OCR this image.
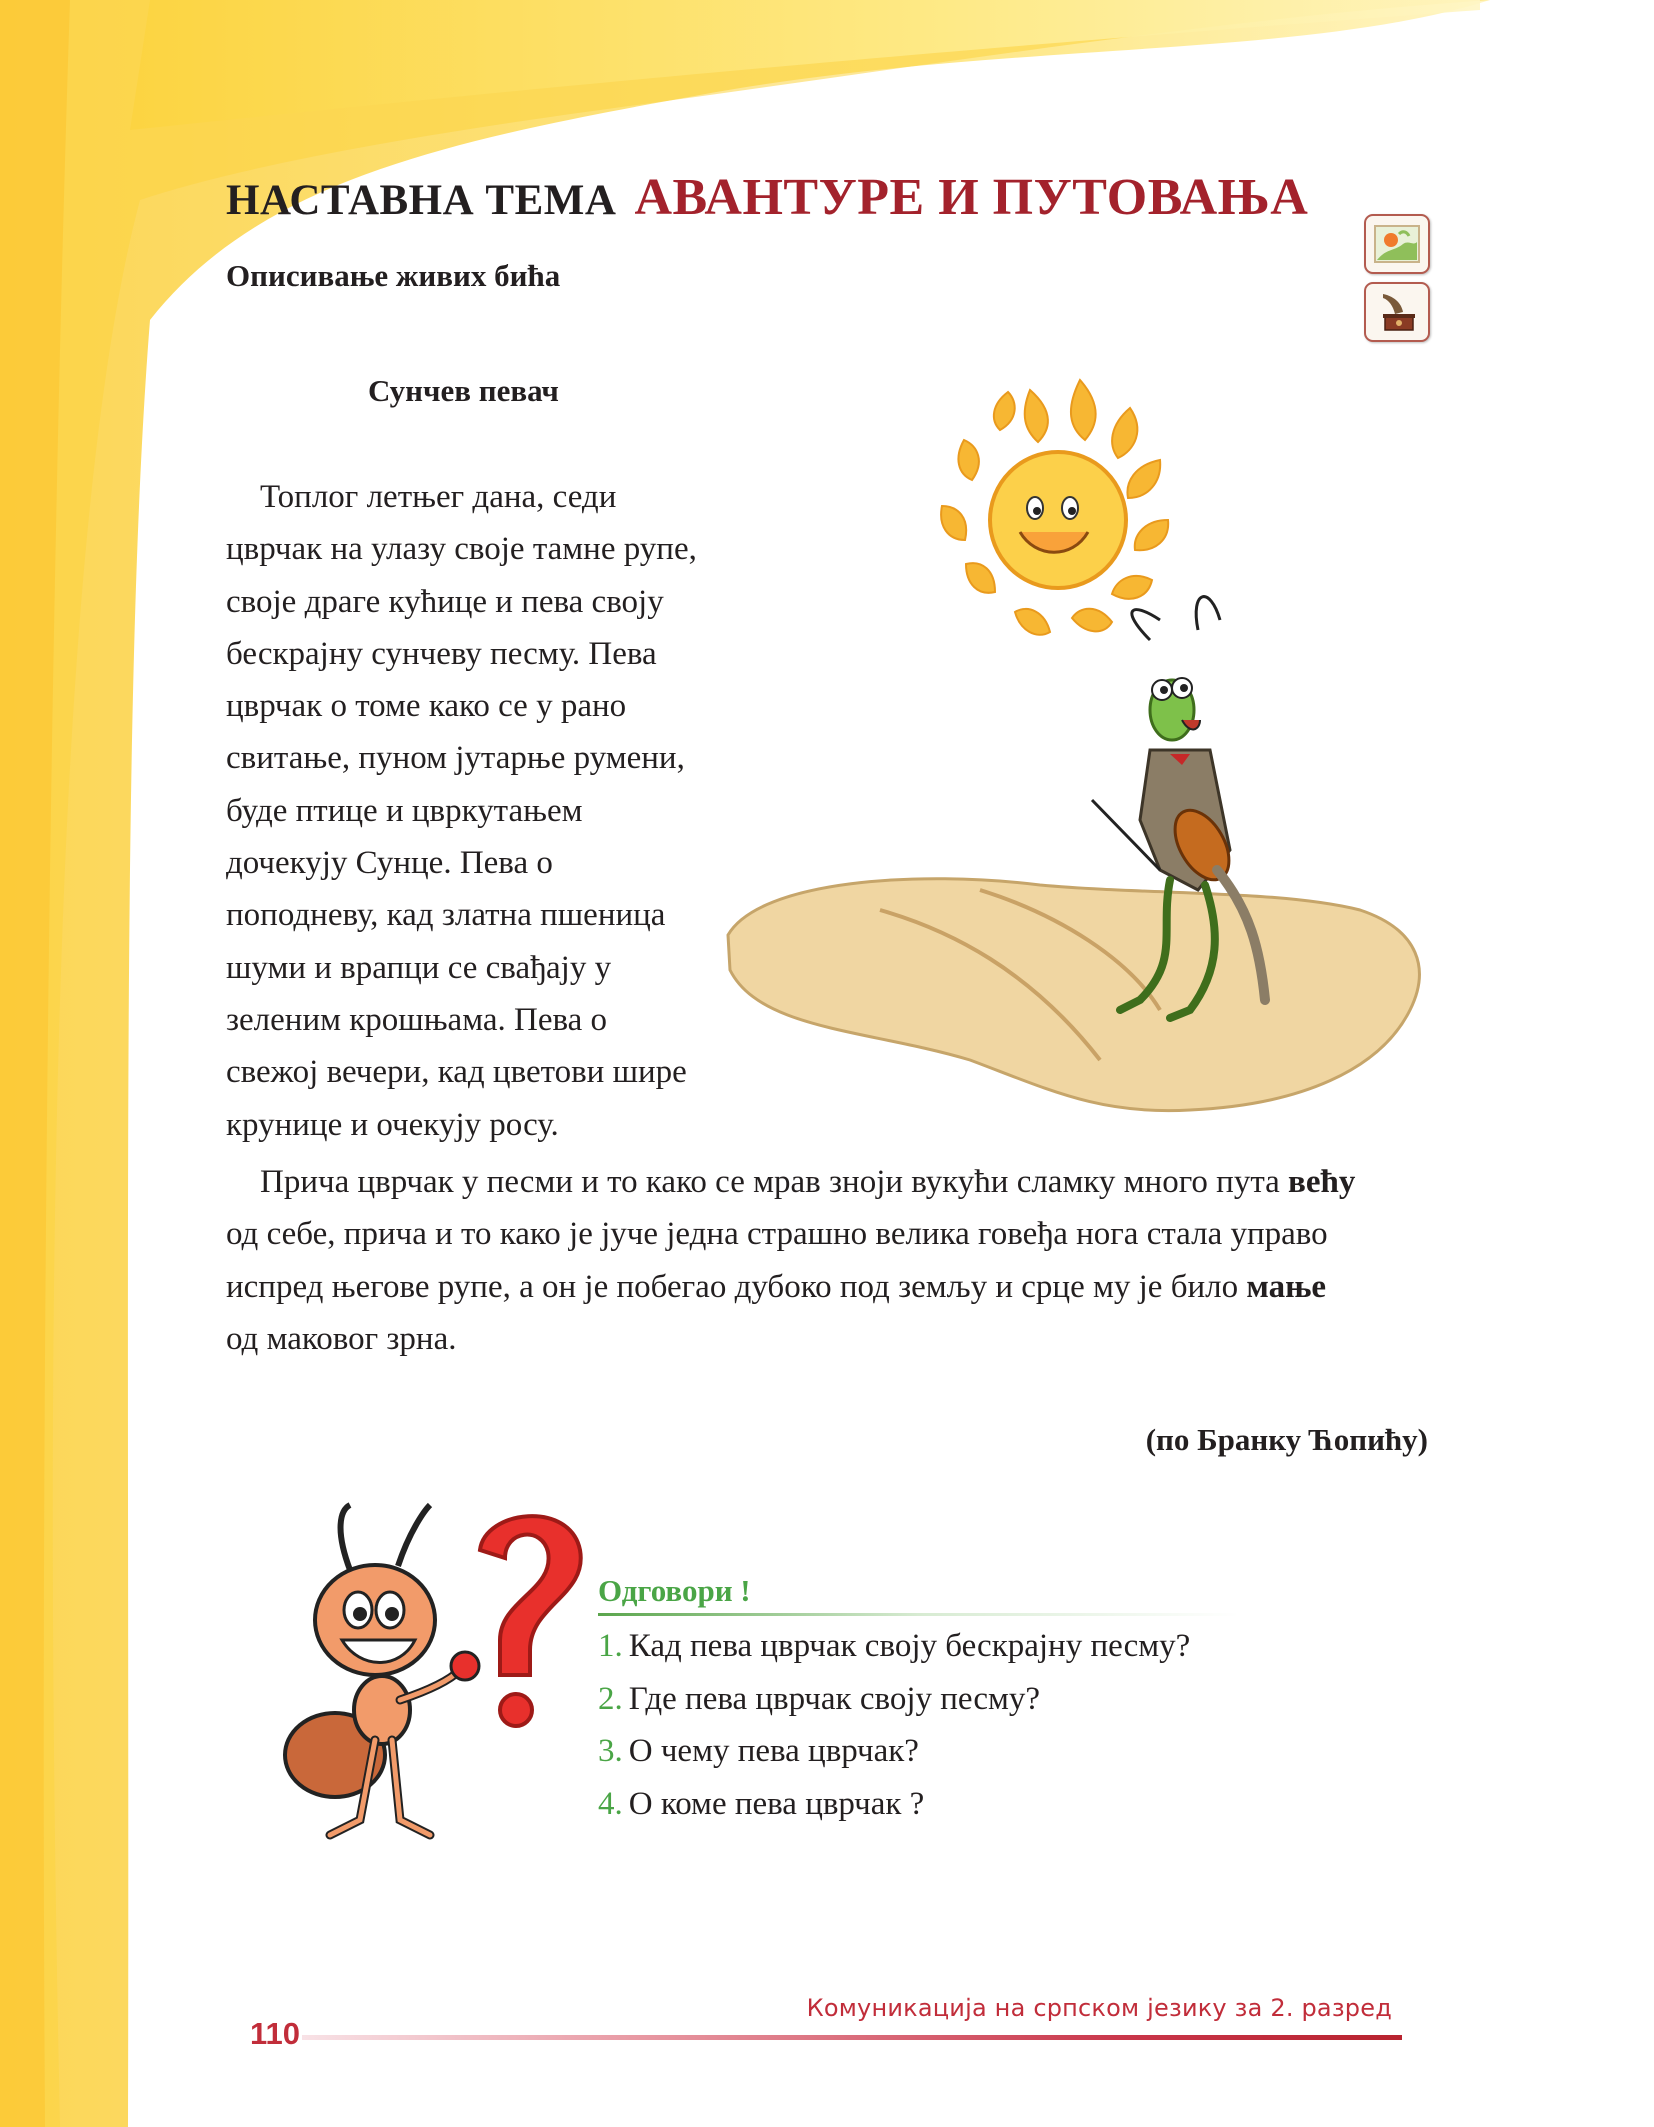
НАСТАВНА ТЕМА АВАНТУРЕ И ПУТОВАЊА
Описивање живих бића
Сунчев певач
Топлог летњег дана, седи
цврчак на улазу своје тамне рупе,
своје драге кућице и пева своју
бескрајну сунчеву песму. Пева
цврчак о томе како се у рано
свитање, пуном јутарње румени,
буде птице и цвркутањем
дочекују Сунце. Пева о
поподневу, кад златна пшеница
шуми и врапци се свађају у
зеленим крошњама. Пева о
свежој вечери, кад цветови шире
крунице и очекују росу.
Прича цврчак у песми и то како се мрав зноји вукући сламку много пута већу
од себе, прича и то како је јуче једна страшно велика говеђа нога стала управо
испред његове рупе, а он је побегао дубоко под земљу и срце му је било мање
од маковог зрна.
(по Бранку Ћопићу)
Одговори !
1. Кад пева цврчак своју бескрајну песму?
2. Где пева цврчак своју песму?
3. О чему пева цврчак?
4. О коме пева цврчак ?
Комуникација на српском језику за 2. разред
110
